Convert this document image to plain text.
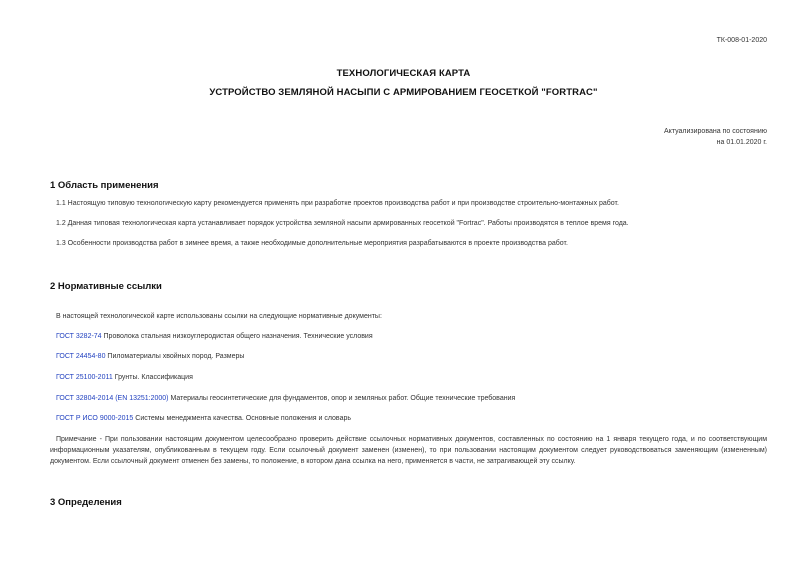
ТК-008-01-2020
ТЕХНОЛОГИЧЕСКАЯ КАРТА
УСТРОЙСТВО ЗЕМЛЯНОЙ НАСЫПИ С АРМИРОВАНИЕМ ГЕОСЕТКОЙ "FORTRAC"
Актуализирована по состоянию
на 01.01.2020 г.
1 Область применения
1.1 Настоящую типовую технологическую карту рекомендуется применять при разработке проектов производства работ и при производстве строительно-монтажных работ.
1.2 Данная типовая технологическая карта устанавливает порядок устройства земляной насыпи армированных геосеткой "Fortrac". Работы производятся в теплое время года.
1.3 Особенности производства работ в зимнее время, а также необходимые дополнительные мероприятия разрабатываются в проекте производства работ.
2 Нормативные ссылки
В настоящей технологической карте использованы ссылки на следующие нормативные документы:
ГОСТ 3282-74 Проволока стальная низкоуглеродистая общего назначения. Технические условия
ГОСТ 24454-80 Пиломатериалы хвойных пород. Размеры
ГОСТ 25100-2011 Грунты. Классификация
ГОСТ 32804-2014 (EN 13251:2000) Материалы геосинтетические для фундаментов, опор и земляных работ. Общие технические требования
ГОСТ Р ИСО 9000-2015 Системы менеджмента качества. Основные положения и словарь
Примечание - При пользовании настоящим документом целесообразно проверить действие ссылочных нормативных документов, составленных по состоянию на 1 января текущего года, и по соответствующим информационным указателям, опубликованным в текущем году. Если ссылочный документ заменен (изменен), то при пользовании настоящим документом следует руководствоваться заменяющим (измененным) документом. Если ссылочный документ отменен без замены, то положение, в котором дана ссылка на него, применяется в части, не затрагивающей эту ссылку.
3 Определения
